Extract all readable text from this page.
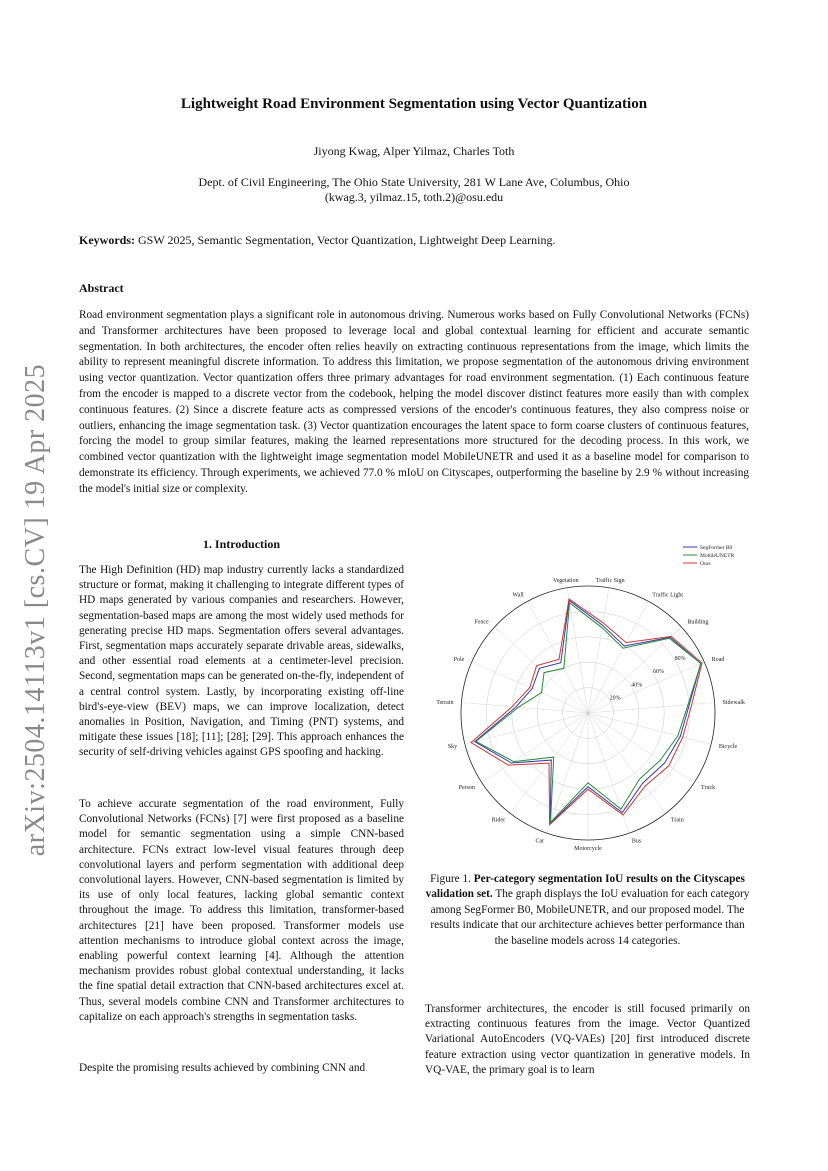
arXiv:2504.14113v1 [cs.CV] 19 Apr 2025
Lightweight Road Environment Segmentation using Vector Quantization
Jiyong Kwag, Alper Yilmaz, Charles Toth
Dept. of Civil Engineering, The Ohio State University, 281 W Lane Ave, Columbus, Ohio
(kwag.3, yilmaz.15, toth.2)@osu.edu
Keywords: GSW 2025, Semantic Segmentation, Vector Quantization, Lightweight Deep Learning.
Abstract
Road environment segmentation plays a significant role in autonomous driving. Numerous works based on Fully Convolutional Networks (FCNs) and Transformer architectures have been proposed to leverage local and global contextual learning for efficient and accurate semantic segmentation. In both architectures, the encoder often relies heavily on extracting continuous representations from the image, which limits the ability to represent meaningful discrete information. To address this limitation, we propose segmentation of the autonomous driving environment using vector quantization. Vector quantization offers three primary advantages for road environment segmentation. (1) Each continuous feature from the encoder is mapped to a discrete vector from the codebook, helping the model discover distinct features more easily than with complex continuous features. (2) Since a discrete feature acts as compressed versions of the encoder's continuous features, they also compress noise or outliers, enhancing the image segmentation task. (3) Vector quantization encourages the latent space to form coarse clusters of continuous features, forcing the model to group similar features, making the learned representations more structured for the decoding process. In this work, we combined vector quantization with the lightweight image segmentation model MobileUNETR and used it as a baseline model for comparison to demonstrate its efficiency. Through experiments, we achieved 77.0 % mIoU on Cityscapes, outperforming the baseline by 2.9 % without increasing the model's initial size or complexity.
1. Introduction
The High Definition (HD) map industry currently lacks a standardized structure or format, making it challenging to integrate different types of HD maps generated by various companies and researchers. However, segmentation-based maps are among the most widely used methods for generating precise HD maps. Segmentation offers several advantages. First, segmentation maps accurately separate drivable areas, sidewalks, and other essential road elements at a centimeter-level precision. Second, segmentation maps can be generated on-the-fly, independent of a central control system. Lastly, by incorporating existing off-line bird's-eye-view (BEV) maps, we can improve localization, detect anomalies in Position, Navigation, and Timing (PNT) systems, and mitigate these issues [18]; [11]; [28]; [29]. This approach enhances the security of self-driving vehicles against GPS spoofing and hacking.
To achieve accurate segmentation of the road environment, Fully Convolutional Networks (FCNs) [7] were first proposed as a baseline model for semantic segmentation using a simple CNN-based architecture. FCNs extract low-level visual features through deep convolutional layers and perform segmentation with additional deep convolutional layers. However, CNN-based segmentation is limited by its use of only local features, lacking global semantic context throughout the image. To address this limitation, transformer-based architectures [21] have been proposed. Transformer models use attention mechanisms to introduce global context across the image, enabling powerful context learning [4]. Although the attention mechanism provides robust global contextual understanding, it lacks the fine spatial detail extraction that CNN-based architectures excel at. Thus, several models combine CNN and Transformer architectures to capitalize on each approach's strengths in segmentation tasks.
Despite the promising results achieved by combining CNN and
20%
40%
60%
80%
Traffic Sign
Traffic Light
Building
Road
Sidewalk
Bicycle
Truck
Train
Bus
Motorcycle
Car
Rider
Person
Sky
Terrain
Pole
Fence
Wall
Vegetation
SegFormer B0
MobileUNETR
Ours
Figure 1. Per-category segmentation IoU results on the Cityscapes validation set. The graph displays the IoU evaluation for each category among SegFormer B0, MobileUNETR, and our proposed model. The results indicate that our architecture achieves better performance than the baseline models across 14 categories.
Transformer architectures, the encoder is still focused primarily on extracting continuous features from the image. Vector Quantized Variational AutoEncoders (VQ-VAEs) [20] first introduced discrete feature extraction using vector quantization in generative models. In VQ-VAE, the primary goal is to learn
